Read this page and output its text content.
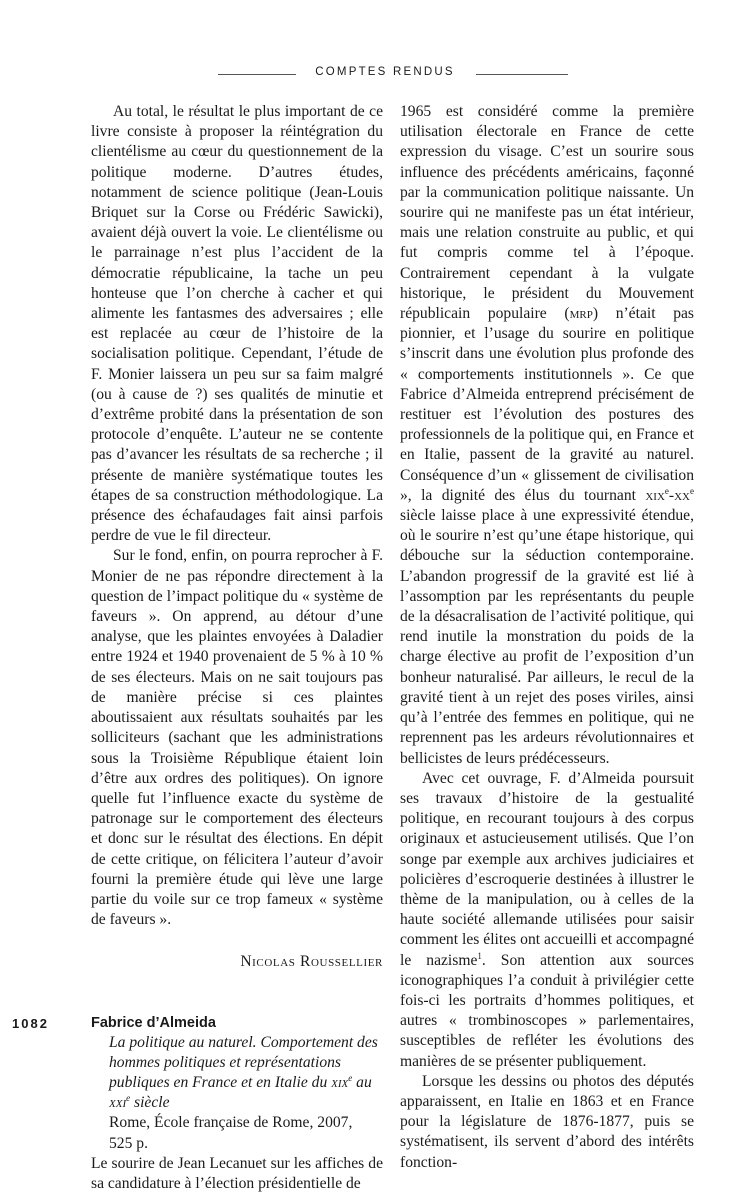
COMPTES RENDUS

Au total, le résultat le plus important de ce livre consiste à proposer la réintégration du clientélisme au cœur du questionnement de la politique moderne. D’autres études, notamment de science politique (Jean-Louis Briquet sur la Corse ou Frédéric Sawicki), avaient déjà ouvert la voie. Le clientélisme ou le parrainage n’est plus l’accident de la démocratie républicaine, la tache un peu honteuse que l’on cherche à cacher et qui alimente les fantasmes des adversaires ; elle est replacée au cœur de l’histoire de la socialisation politique. Cependant, l’étude de F. Monier laissera un peu sur sa faim malgré (ou à cause de ?) ses qualités de minutie et d’extrême probité dans la présentation de son protocole d’enquête. L’auteur ne se contente pas d’avancer les résultats de sa recherche ; il présente de manière systématique toutes les étapes de sa construction méthodologique. La présence des échafaudages fait ainsi parfois perdre de vue le fil directeur.

Sur le fond, enfin, on pourra reprocher à F. Monier de ne pas répondre directement à la question de l’impact politique du « système de faveurs ». On apprend, au détour d’une analyse, que les plaintes envoyées à Daladier entre 1924 et 1940 provenaient de 5 % à 10 % de ses électeurs. Mais on ne sait toujours pas de manière précise si ces plaintes aboutissaient aux résultats souhaités par les solliciteurs (sachant que les administrations sous la Troisième République étaient loin d’être aux ordres des politiques). On ignore quelle fut l’influence exacte du système de patronage sur le comportement des électeurs et donc sur le résultat des élections. En dépit de cette critique, on félicitera l’auteur d’avoir fourni la première étude qui lève une large partie du voile sur ce trop fameux « système de faveurs ».

Nicolas Roussellier
Fabrice d’Almeida
La politique au naturel. Comportement des hommes politiques et représentations publiques en France et en Italie du xix$^e$ au xxi$^e$ siècle
Rome, École française de Rome, 2007,
525 p.

Le sourire de Jean Lecanuet sur les affiches de sa candidature à l’élection présidentielle de

1965 est considéré comme la première utilisation électorale en France de cette expression du visage. C’est un sourire sous influence des précédents américains, façonné par la communication politique naissante. Un sourire qui ne manifeste pas un état intérieur, mais une relation construite au public, et qui fut compris comme tel à l’époque. Contrairement cependant à la vulgate historique, le président du Mouvement républicain populaire (mrp) n’était pas pionnier, et l’usage du sourire en politique s’inscrit dans une évolution plus profonde des « comportements institutionnels ». Ce que Fabrice d’Almeida entreprend précisément de restituer est l’évolution des postures des professionnels de la politique qui, en France et en Italie, passent de la gravité au naturel. Conséquence d’un « glissement de civilisation », la dignité des élus du tournant $xix^e-xx^e$ siècle laisse place à une expressivité étendue, où le sourire n’est qu’une étape historique, qui débouche sur la séduction contemporaine. L’abandon progressif de la gravité est lié à l’assomption par les représentants du peuple de la désacralisation de l’activité politique, qui rend inutile la monstration du poids de la charge élective au profit de l’exposition d’un bonheur naturalisé. Par ailleurs, le recul de la gravité tient à un rejet des poses viriles, ainsi qu’à l’entrée des femmes en politique, qui ne reprennent pas les ardeurs révolutionnaires et bellicistes de leurs prédécesseurs.

Avec cet ouvrage, F. d’Almeida poursuit ses travaux d’histoire de la gestualité politique, en recourant toujours à des corpus originaux et astucieusement utilisés. Que l’on songe par exemple aux archives judiciaires et policières d’escroquerie destinées à illustrer le thème de la manipulation, ou à celles de la haute société allemande utilisées pour saisir comment les élites ont accueilli et accompagné le nazisme$^1$. Son attention aux sources iconographiques l’a conduit à privilégier cette fois-ci les portraits d’hommes politiques, et autres « trombinoscopes » parlementaires, susceptibles de refléter les évolutions des manières de se présenter publiquement.

Lorsque les dessins ou photos des députés apparaissent, en Italie en 1863 et en France pour la législature de 1876-1877, puis se systématisent, ils servent d’abord des intérêts fonction-

1082
